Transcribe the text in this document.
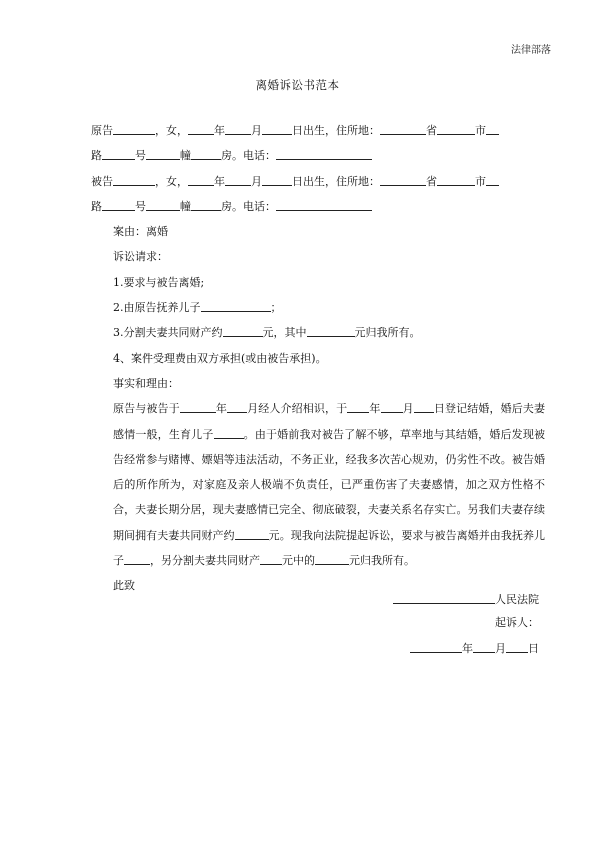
法律部落
离婚诉讼书范本
原告	，女， 年 月	日出生，住所地：	省	市
路	号	幢	房。电话：
被告	，女， 年 月	日出生，住所地：	省	市
路	号	幢	房。电话：
案由：离婚
诉讼请求：
1.要求与被告离婚;
2.由原告抚养儿子	；
3.分割夫妻共同财产约	元，其中	元归我所有。
4、案件受理费由双方承担(或由被告承担)。
事实和理由：
原告与被告于	年 月经人介绍相识，于 年 月 日登记结婚，婚后夫妻感情一般，生育儿子	。由于婚前我对被告了解不够，草率地与其结婚，婚后发现被告经常参与赌博、嫖娼等违法活动，不务正业，经我多次苦心规劝，仍劣性不改。被告婚后的所作所为，对家庭及亲人极端不负责任，已严重伤害了夫妻感情，加之双方性格不合，夫妻长期分居，现夫妻感情已完全、彻底破裂，夫妻关系名存实亡。另我们夫妻存续期间拥有夫妻共同财产约	元。现我向法院提起诉讼，要求与被告离婚并由我抚养儿子 ，另分割夫妻共同财产 元中的	元归我所有。
此致
人民法院
起诉人：
年 月 日
